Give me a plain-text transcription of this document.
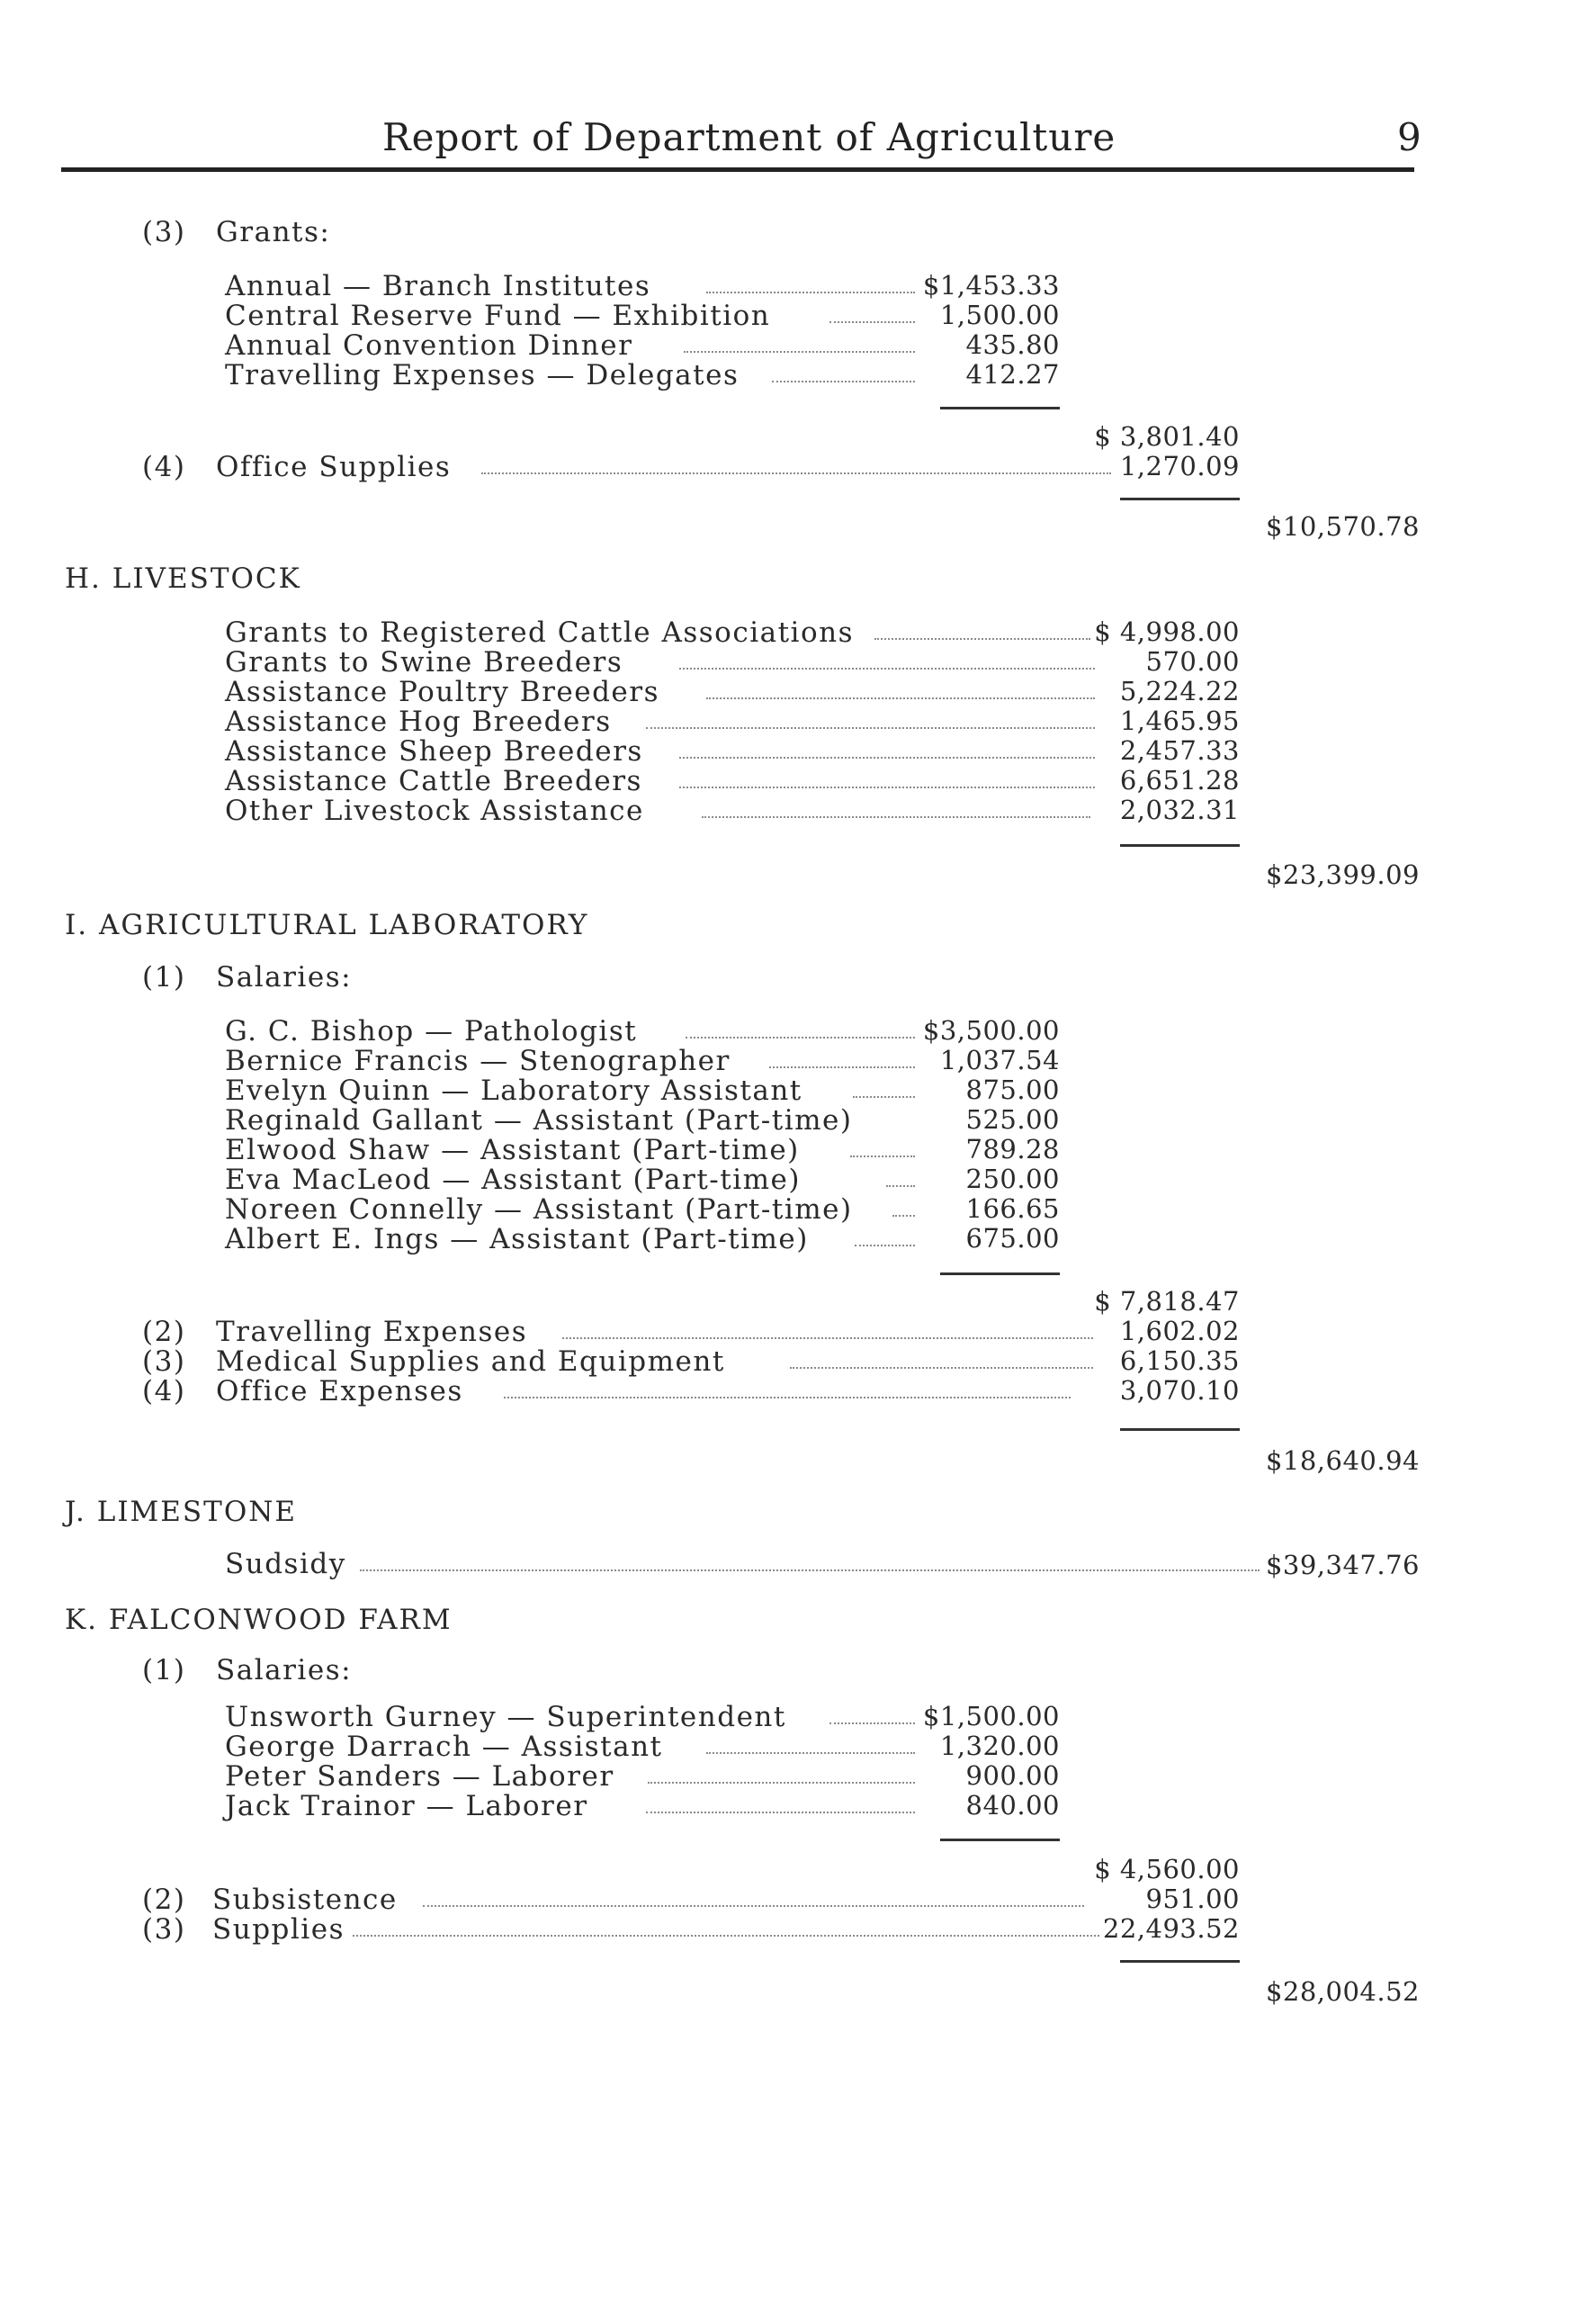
Report of Department of Agriculture	9
(3) Grants:
Annual — Branch Institutes	$1,453.33
Central Reserve Fund — Exhibition	1,500.00
Annual Convention Dinner	435.80
Travelling Expenses — Delegates	412.27
$ 3,801.40
(4) Office Supplies	1,270.09
$10,570.78
H. LIVESTOCK
Grants to Registered Cattle Associations	$ 4,998.00
Grants to Swine Breeders	570.00
Assistance Poultry Breeders	5,224.22
Assistance Hog Breeders	1,465.95
Assistance Sheep Breeders	2,457.33
Assistance Cattle Breeders	6,651.28
Other Livestock Assistance	2,032.31
$23,399.09
I. AGRICULTURAL LABORATORY
(1) Salaries:
G. C. Bishop — Pathologist	$3,500.00
Bernice Francis — Stenographer	1,037.54
Evelyn Quinn — Laboratory Assistant	875.00
Reginald Gallant — Assistant (Part-time)	525.00
Elwood Shaw — Assistant (Part-time)	789.28
Eva MacLeod — Assistant (Part-time)	250.00
Noreen Connelly — Assistant (Part-time)	166.65
Albert E. Ings — Assistant (Part-time)	675.00
$ 7,818.47
(2) Travelling Expenses	1,602.02
(3) Medical Supplies and Equipment	6,150.35
(4) Office Expenses	3,070.10
$18,640.94
J. LIMESTONE
Sudsidy	$39,347.76
K. FALCONWOOD FARM
(1) Salaries:
Unsworth Gurney — Superintendent	$1,500.00
George Darrach — Assistant	1,320.00
Peter Sanders — Laborer	900.00
Jack Trainor — Laborer	840.00
$ 4,560.00
(2) Subsistence	951.00
(3) Supplies	22,493.52
$28,004.52
